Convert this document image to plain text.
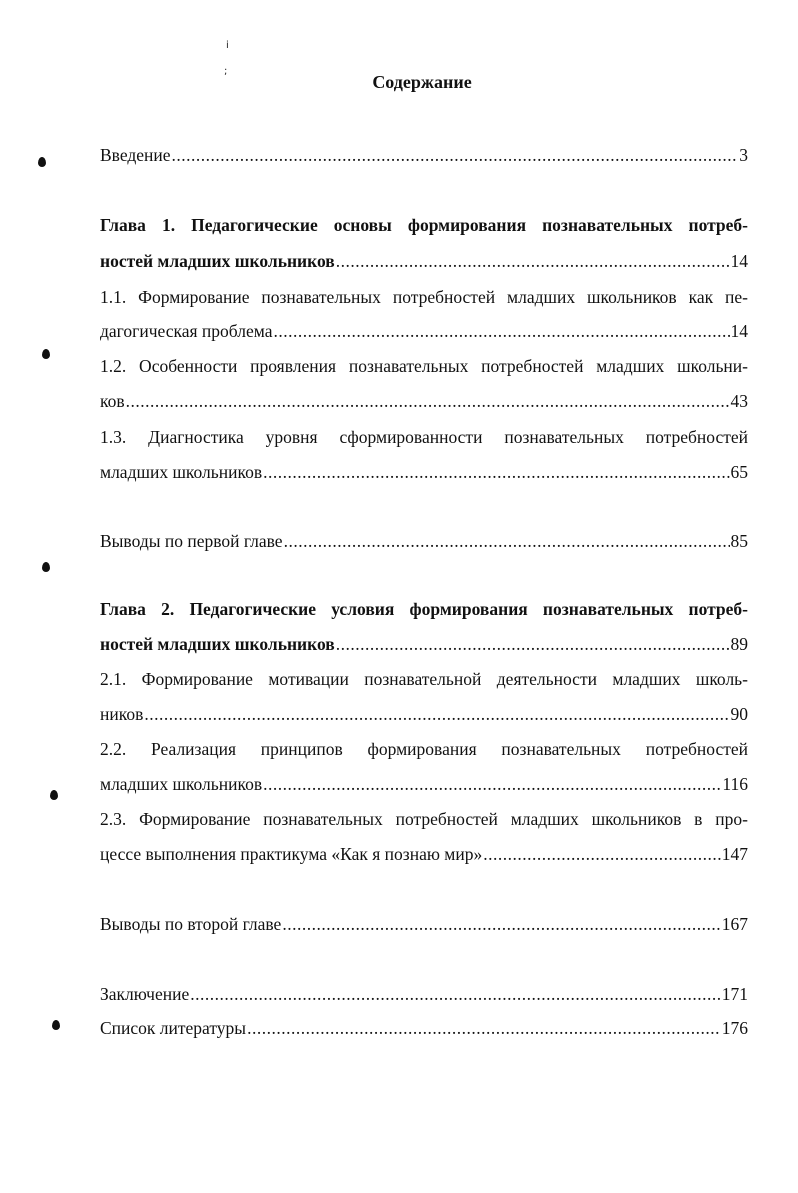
i
;
Содержание
Введение .....	3
Глава 1. Педагогические основы формирования познавательных потреб-
ностей младших школьников .....	14
1.1. Формирование познавательных потребностей младших школьников как пе-
дагогическая проблема .....	14
1.2. Особенности проявления познавательных потребностей младших школьни-
ков .....	43
1.3. Диагностика уровня сформированности познавательных потребностей
младших школьников .....	65
Выводы по первой главе .....	85
Глава 2. Педагогические условия формирования познавательных потреб-
ностей младших школьников .....	89
2.1. Формирование мотивации познавательной деятельности младших школь-
ников .....	90
2.2. Реализация принципов формирования познавательных потребностей
младших школьников .....	116
2.3. Формирование познавательных потребностей младших школьников в про-
цессе выполнения практикума «Как я познаю мир» .....	147
Выводы по второй главе .....	167
Заключение .....	171
Список литературы .....	176
